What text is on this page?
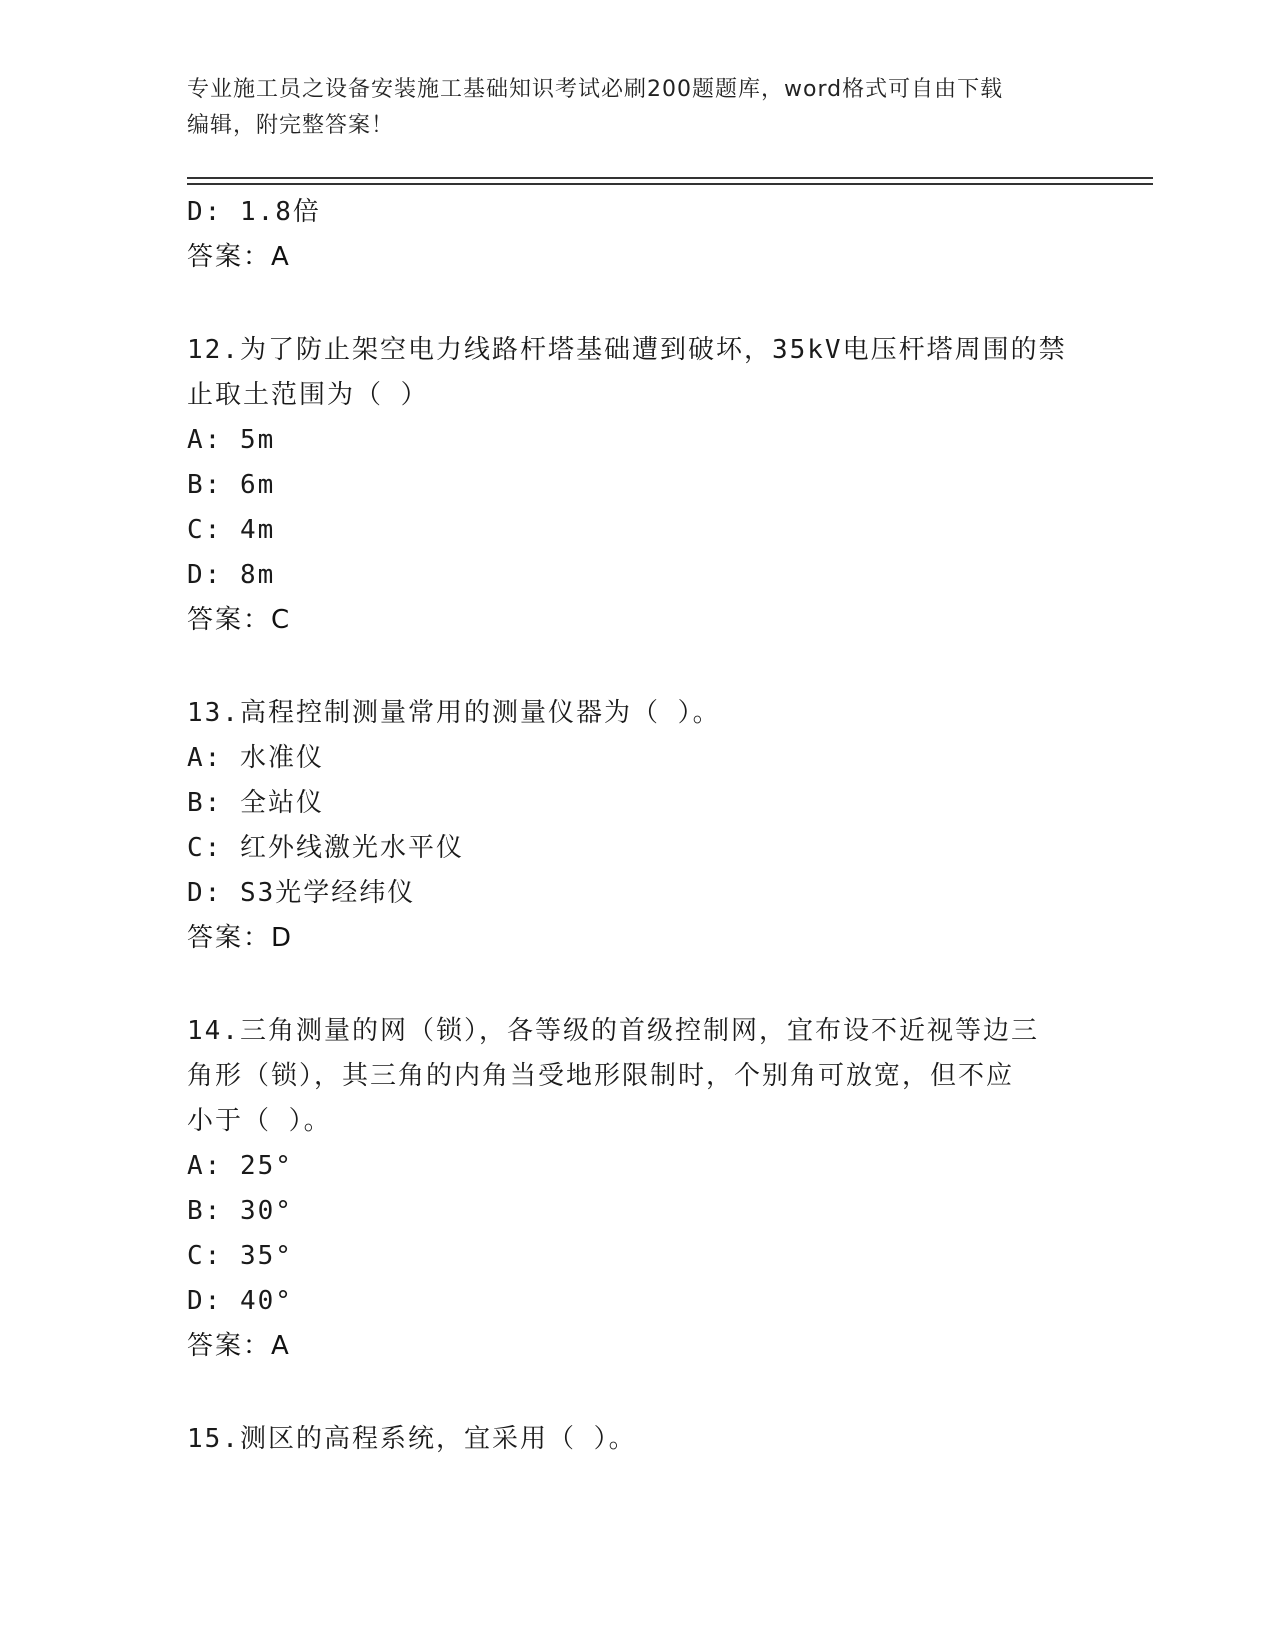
专业施工员之设备安装施工基础知识考试必刷200题题库，word格式可自由下载
编辑，附完整答案！
D: 1.8倍
答案：A
12.为了防止架空电力线路杆塔基础遭到破坏，35kV电压杆塔周围的禁
止取土范围为（ ）
A: 5m
B: 6m
C: 4m
D: 8m
答案：C
13.高程控制测量常用的测量仪器为（ ）。
A: 水准仪
B: 全站仪
C: 红外线激光水平仪
D: S3光学经纬仪
答案：D
14.三角测量的网（锁），各等级的首级控制网，宜布设不近视等边三
角形（锁），其三角的内角当受地形限制时，个别角可放宽，但不应
小于（ ）。
A: 25°
B: 30°
C: 35°
D: 40°
答案：A
15.测区的高程系统，宜采用（ ）。
